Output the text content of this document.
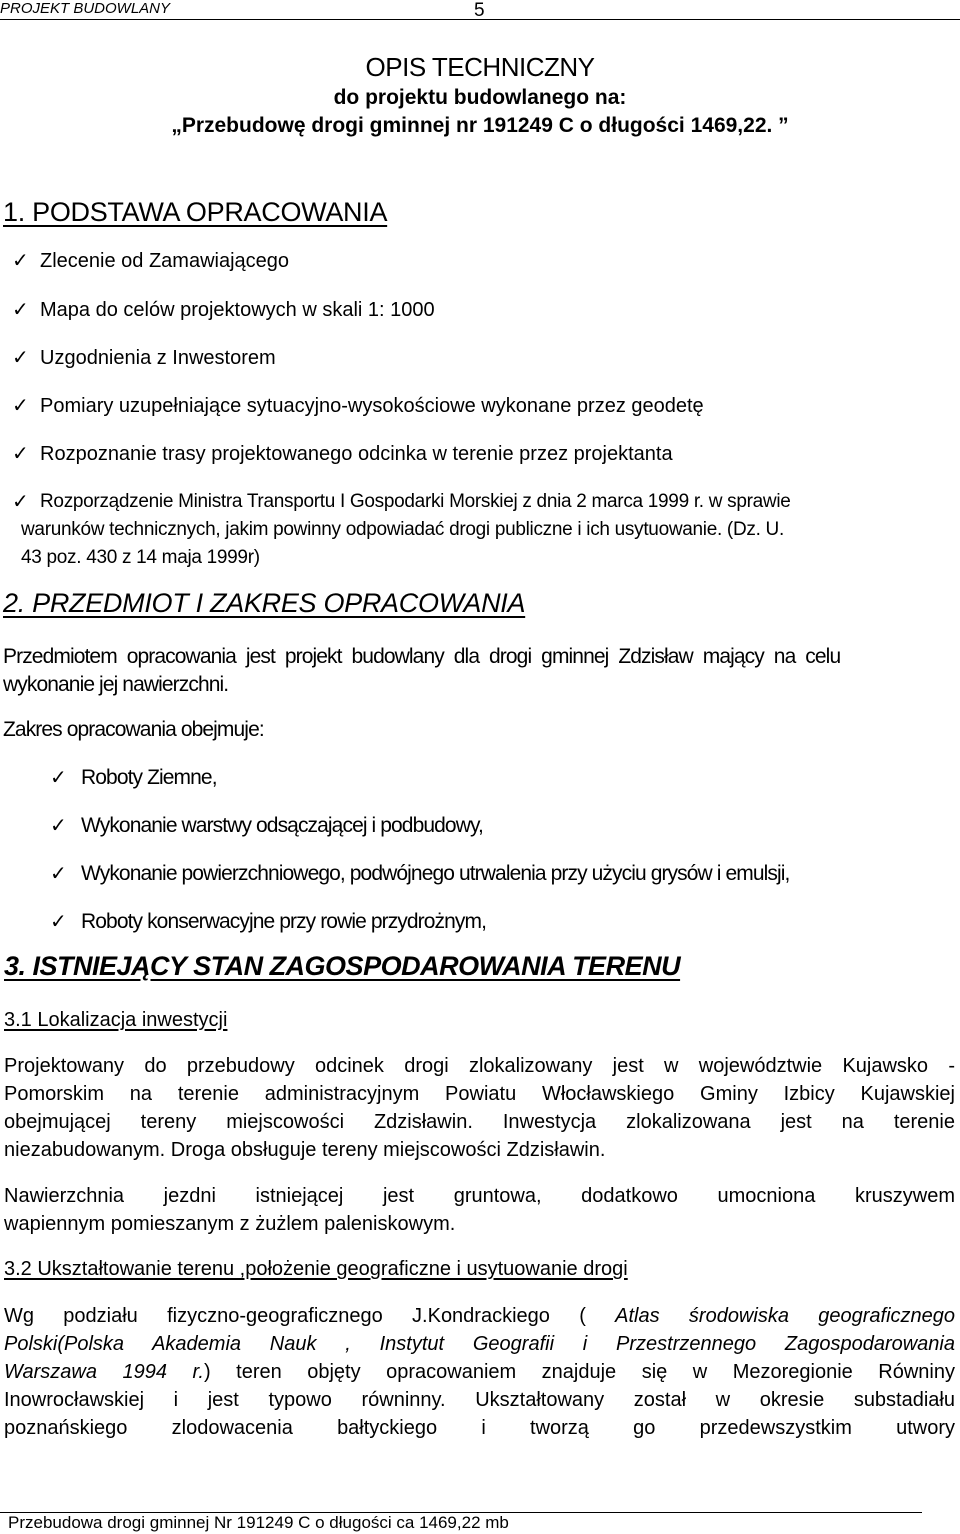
PROJEKT BUDOWLANY	5
OPIS TECHNICZNY
do projektu budowlanego na:
„Przebudowę drogi gminnej nr 191249 C o długości 1469,22. ”
1. PODSTAWA OPRACOWANIA
✓ Zlecenie od Zamawiającego
✓ Mapa do celów projektowych w skali 1: 1000
✓ Uzgodnienia z Inwestorem
✓ Pomiary uzupełniające sytuacyjno-wysokościowe wykonane przez geodetę
✓ Rozpoznanie trasy projektowanego odcinka w terenie przez projektanta
✓ Rozporządzenie Ministra Transportu I Gospodarki Morskiej z dnia 2 marca 1999 r. w sprawie
warunków technicznych, jakim powinny odpowiadać drogi publiczne i ich usytuowanie. (Dz. U.
43 poz. 430 z 14 maja 1999r)
2. PRZEDMIOT I ZAKRES OPRACOWANIA
Przedmiotem opracowania jest projekt budowlany dla drogi gminnej Zdzisław mający na celu
wykonanie jej nawierzchni.
Zakres opracowania obejmuje:
✓ Roboty Ziemne,
✓ Wykonanie warstwy odsączającej i podbudowy,
✓ Wykonanie powierzchniowego, podwójnego utrwalenia przy użyciu grysów i emulsji,
✓ Roboty konserwacyjne przy rowie przydrożnym,
3. ISTNIEJĄCY STAN ZAGOSPODAROWANIA TERENU
3.1 Lokalizacja inwestycji
Projektowany do przebudowy odcinek drogi zlokalizowany jest w województwie Kujawsko -
Pomorskim na terenie administracyjnym Powiatu Włocławskiego Gminy Izbicy Kujawskiej
obejmującej tereny miejscowości Zdzisławin. Inwestycja zlokalizowana jest na terenie
niezabudowanym. Droga obsługuje tereny miejscowości Zdzisławin.
Nawierzchnia jezdni istniejącej jest gruntowa, dodatkowo umocniona kruszywem
wapiennym pomieszanym z żużlem paleniskowym.
3.2 Ukształtowanie terenu ,położenie geograficzne i usytuowanie drogi
Wg podziału fizyczno-geograficznego J.Kondrackiego ( Atlas środowiska geograficznego
Polski(Polska Akademia Nauk , Instytut Geografii i Przestrzennego Zagospodarowania
Warszawa 1994 r.) teren objęty opracowaniem znajduje się w Mezoregionie Równiny
Inowrocławskiej i jest typowo równinny. Ukształtowany został w okresie substadiału
poznańskiego zlodowacenia bałtyckiego i tworzą go przedewszystkim utwory
Przebudowa drogi gminnej Nr 191249 C o długości ca 1469,22 mb
